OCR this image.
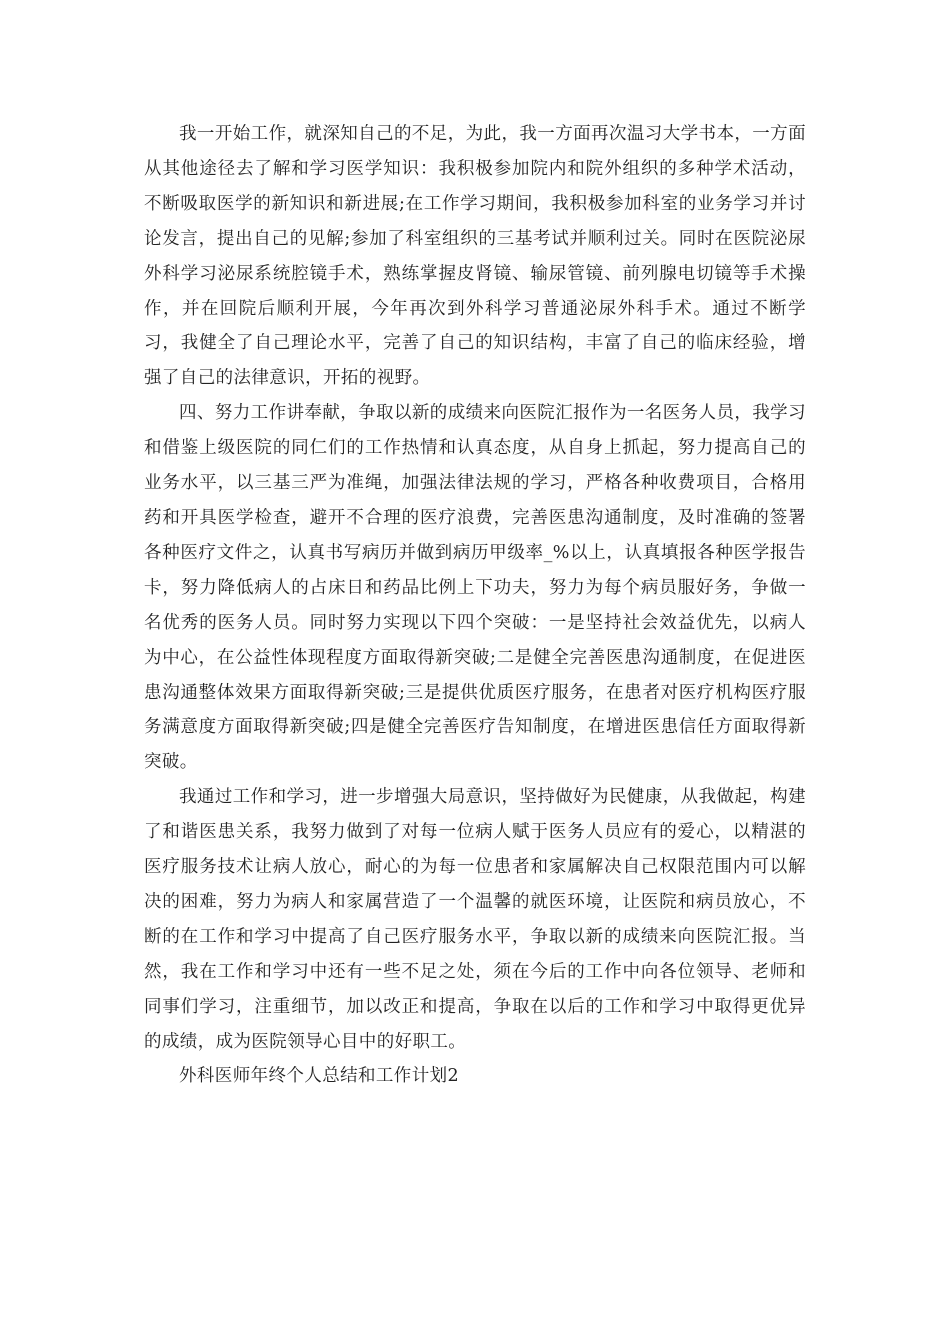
我一开始工作，就深知自己的不足，为此，我一方面再次温习大学书本，一方面从其他途径去了解和学习医学知识：我积极参加院内和院外组织的多种学术活动，不断吸取医学的新知识和新进展;在工作学习期间，我积极参加科室的业务学习并讨论发言，提出自己的见解;参加了科室组织的三基考试并顺利过关。同时在医院泌尿外科学习泌尿系统腔镜手术，熟练掌握皮肾镜、输尿管镜、前列腺电切镜等手术操作，并在回院后顺利开展，今年再次到外科学习普通泌尿外科手术。通过不断学习，我健全了自己理论水平，完善了自己的知识结构，丰富了自己的临床经验，增强了自己的法律意识，开拓的视野。

四、努力工作讲奉献，争取以新的成绩来向医院汇报作为一名医务人员，我学习和借鉴上级医院的同仁们的工作热情和认真态度，从自身上抓起，努力提高自己的业务水平，以三基三严为准绳，加强法律法规的学习，严格各种收费项目，合格用药和开具医学检查，避开不合理的医疗浪费，完善医患沟通制度，及时准确的签署各种医疗文件之，认真书写病历并做到病历甲级率_%以上，认真填报各种医学报告卡，努力降低病人的占床日和药品比例上下功夫，努力为每个病员服好务，争做一名优秀的医务人员。同时努力实现以下四个突破：一是坚持社会效益优先，以病人为中心，在公益性体现程度方面取得新突破;二是健全完善医患沟通制度，在促进医患沟通整体效果方面取得新突破;三是提供优质医疗服务，在患者对医疗机构医疗服务满意度方面取得新突破;四是健全完善医疗告知制度，在增进医患信任方面取得新突破。

我通过工作和学习，进一步增强大局意识，坚持做好为民健康，从我做起，构建了和谐医患关系，我努力做到了对每一位病人赋于医务人员应有的爱心，以精湛的医疗服务技术让病人放心，耐心的为每一位患者和家属解决自己权限范围内可以解决的困难，努力为病人和家属营造了一个温馨的就医环境，让医院和病员放心，不断的在工作和学习中提高了自己医疗服务水平，争取以新的成绩来向医院汇报。当然，我在工作和学习中还有一些不足之处，须在今后的工作中向各位领导、老师和同事们学习，注重细节，加以改正和提高，争取在以后的工作和学习中取得更优异的成绩，成为医院领导心目中的好职工。

外科医师年终个人总结和工作计划2
